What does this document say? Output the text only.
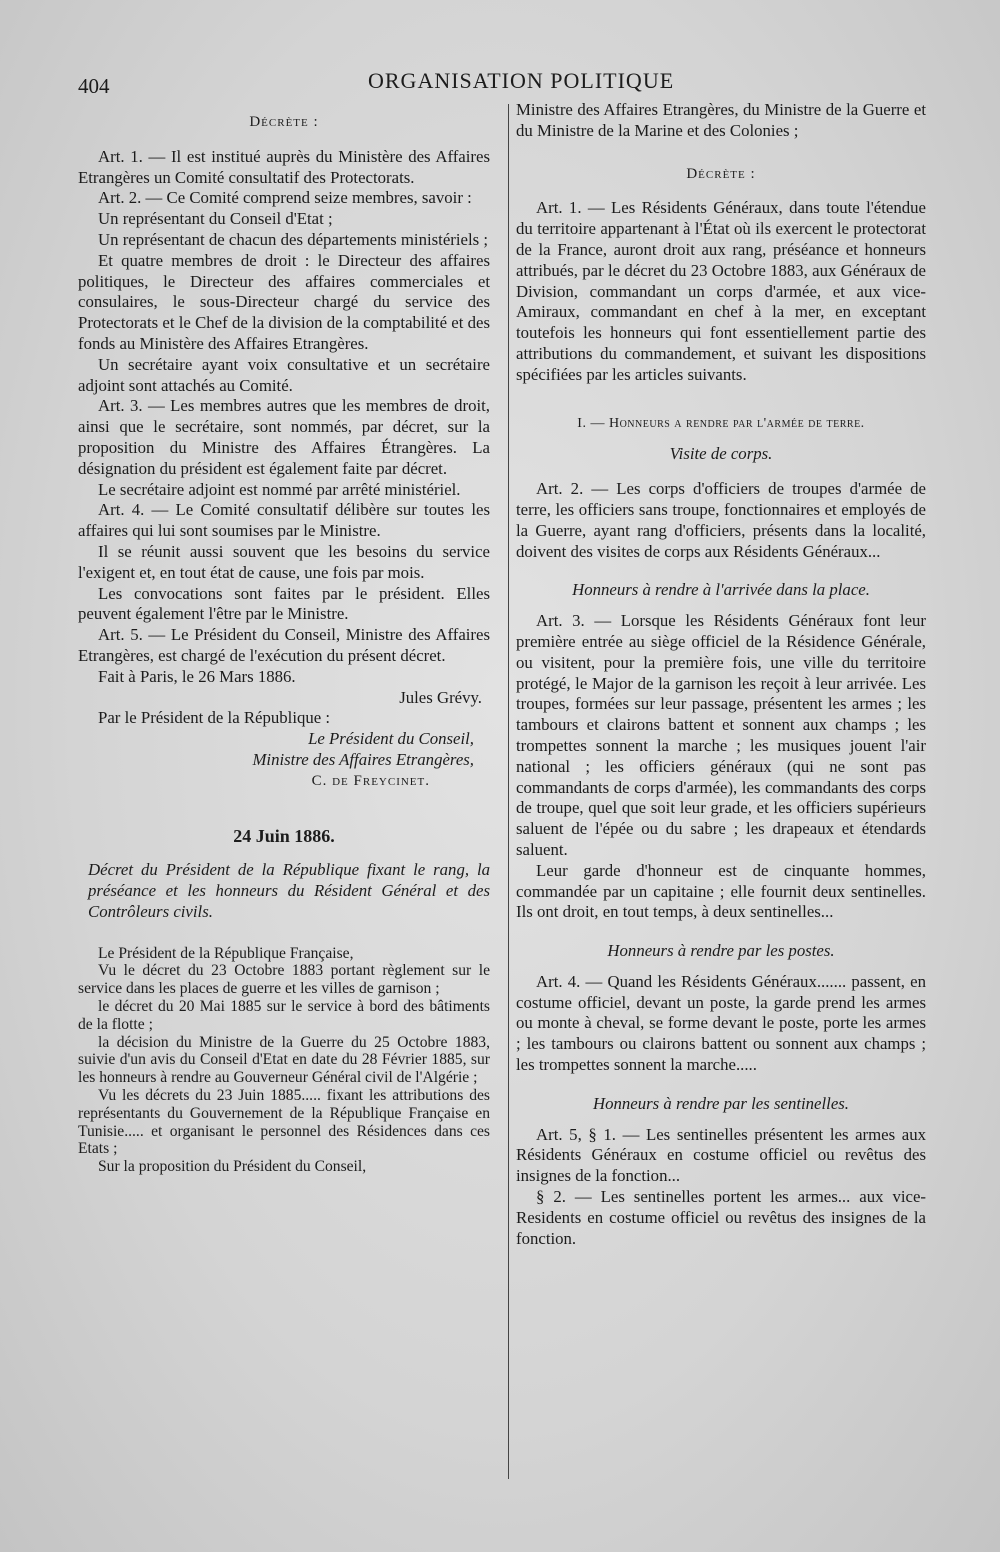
404	ORGANISATION POLITIQUE

Décrète :

Art. 1. — Il est institué auprès du Ministère des Affaires Etrangères un Comité consultatif des Protectorats.

Art. 2. — Ce Comité comprend seize membres, savoir :

Un représentant du Conseil d'Etat ;

Un représentant de chacun des départements ministériels ;

Et quatre membres de droit : le Directeur des affaires politiques, le Directeur des affaires commerciales et consulaires, le sous-Directeur chargé du service des Protectorats et le Chef de la division de la comptabilité et des fonds au Ministère des Affaires Etrangères.

Un secrétaire ayant voix consultative et un secrétaire adjoint sont attachés au Comité.

Art. 3. — Les membres autres que les membres de droit, ainsi que le secrétaire, sont nommés, par décret, sur la proposition du Ministre des Affaires Étrangères. La désignation du président est également faite par décret.

Le secrétaire adjoint est nommé par arrêté ministériel.

Art. 4. — Le Comité consultatif délibère sur toutes les affaires qui lui sont soumises par le Ministre.

Il se réunit aussi souvent que les besoins du service l'exigent et, en tout état de cause, une fois par mois.

Les convocations sont faites par le président. Elles peuvent également l'être par le Ministre.

Art. 5. — Le Président du Conseil, Ministre des Affaires Etrangères, est chargé de l'exécution du présent décret.

Fait à Paris, le 26 Mars 1886.

Jules Grévy.

Par le Président de la République :

Le Président du Conseil,

Ministre des Affaires Etrangères,

C. de Freycinet.

24 Juin 1886.

Décret du Président de la République fixant le rang, la préséance et les honneurs du Résident Général et des Contrôleurs civils.

Le Président de la République Française,

Vu le décret du 23 Octobre 1883 portant règlement sur le service dans les places de guerre et les villes de garnison ;

le décret du 20 Mai 1885 sur le service à bord des bâtiments de la flotte ;

la décision du Ministre de la Guerre du 25 Octobre 1883, suivie d'un avis du Conseil d'Etat en date du 28 Février 1885, sur les honneurs à rendre au Gouverneur Général civil de l'Algérie ;

Vu les décrets du 23 Juin 1885..... fixant les attributions des représentants du Gouvernement de la République Française en Tunisie..... et organisant le personnel des Résidences dans ces Etats ;

Sur la proposition du Président du Conseil,

Ministre des Affaires Etrangères, du Ministre de la Guerre et du Ministre de la Marine et des Colonies ;

Décrète :

Art. 1. — Les Résidents Généraux, dans toute l'étendue du territoire appartenant à l'État où ils exercent le protectorat de la France, auront droit aux rang, préséance et honneurs attribués, par le décret du 23 Octobre 1883, aux Généraux de Division, commandant un corps d'armée, et aux vice-Amiraux, commandant en chef à la mer, en exceptant toutefois les honneurs qui font essentiellement partie des attributions du commandement, et suivant les dispositions spécifiées par les articles suivants.

I. — Honneurs a rendre par l'armée de terre.

Visite de corps.

Art. 2. — Les corps d'officiers de troupes d'armée de terre, les officiers sans troupe, fonctionnaires et employés de la Guerre, ayant rang d'officiers, présents dans la localité, doivent des visites de corps aux Résidents Généraux...

Honneurs à rendre à l'arrivée dans la place.

Art. 3. — Lorsque les Résidents Généraux font leur première entrée au siège officiel de la Résidence Générale, ou visitent, pour la première fois, une ville du territoire protégé, le Major de la garnison les reçoit à leur arrivée. Les troupes, formées sur leur passage, présentent les armes ; les tambours et clairons battent et sonnent aux champs ; les trompettes sonnent la marche ; les musiques jouent l'air national ; les officiers généraux (qui ne sont pas commandants de corps d'armée), les commandants des corps de troupe, quel que soit leur grade, et les officiers supérieurs saluent de l'épée ou du sabre ; les drapeaux et étendards saluent.

Leur garde d'honneur est de cinquante hommes, commandée par un capitaine ; elle fournit deux sentinelles. Ils ont droit, en tout temps, à deux sentinelles...

Honneurs à rendre par les postes.

Art. 4. — Quand les Résidents Généraux....... passent, en costume officiel, devant un poste, la garde prend les armes ou monte à cheval, se forme devant le poste, porte les armes ; les tambours ou clairons battent ou sonnent aux champs ; les trompettes sonnent la marche.....

Honneurs à rendre par les sentinelles.

Art. 5, § 1. — Les sentinelles présentent les armes aux Résidents Généraux en costume officiel ou revêtus des insignes de la fonction...

§ 2. — Les sentinelles portent les armes... aux vice-Residents en costume officiel ou revêtus des insignes de la fonction.
